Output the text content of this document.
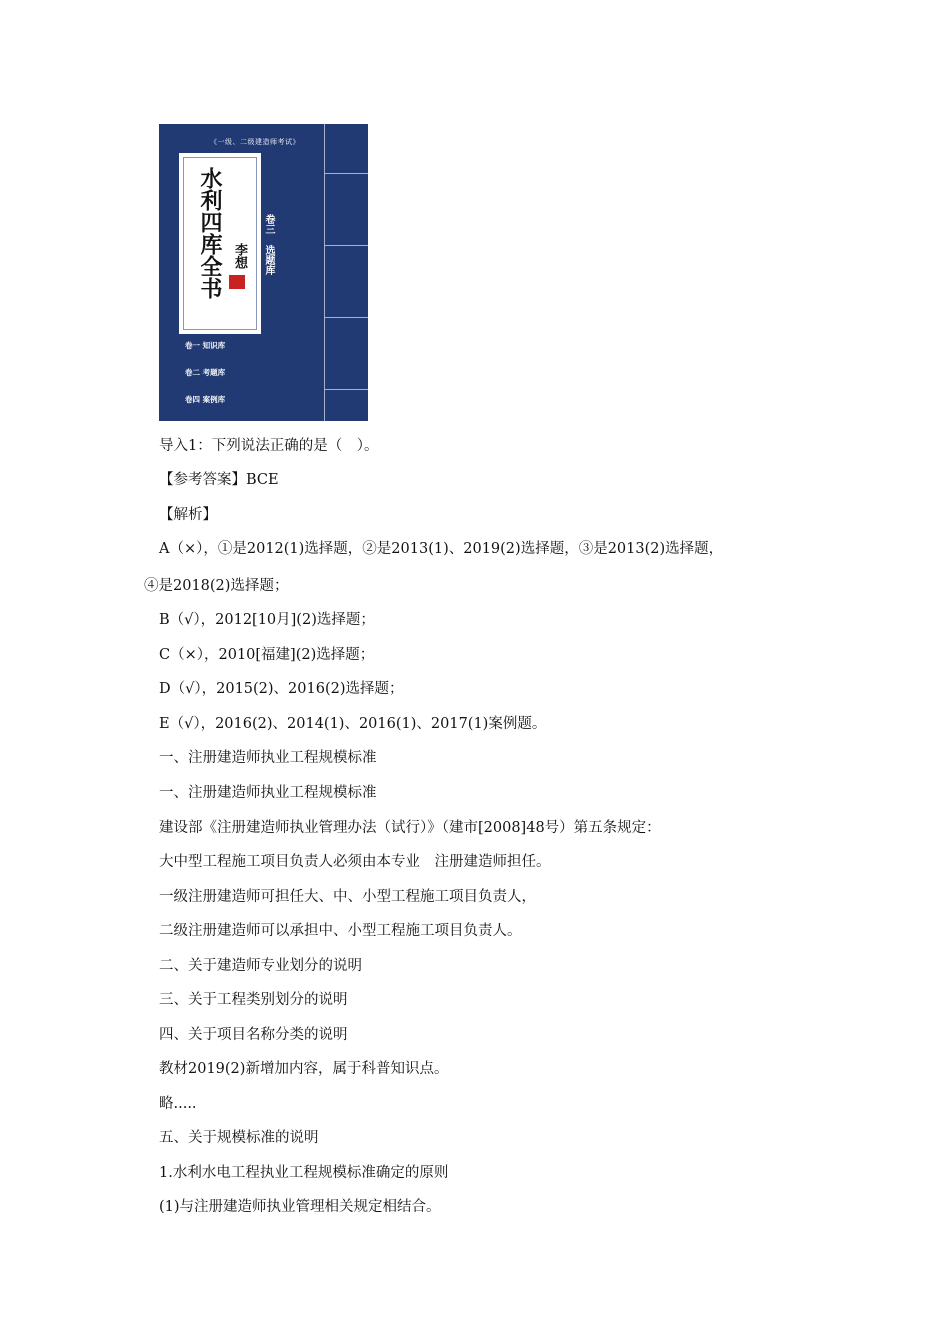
《一级、二级建造师考试》
水利四库全书 李想	卷三 选题库
卷一 知识库
卷二 考题库
卷四 案例库
导入1：下列说法正确的是（　）。
【参考答案】BCE
【解析】
A（×），①是2012(1)选择题，②是2013(1)、2019(2)选择题，③是2013(2)选择题，
④是2018(2)选择题；
B（√），2012[10月](2)选择题；
C（×），2010[福建](2)选择题；
D（√），2015(2)、2016(2)选择题；
E（√），2016(2)、2014(1)、2016(1)、2017(1)案例题。
一、注册建造师执业工程规模标准
一、注册建造师执业工程规模标准
建设部《注册建造师执业管理办法（试行）》（建市[2008]48号）第五条规定：
大中型工程施工项目负责人必须由本专业　注册建造师担任。
一级注册建造师可担任大、中、小型工程施工项目负责人，
二级注册建造师可以承担中、小型工程施工项目负责人。
二、关于建造师专业划分的说明
三、关于工程类别划分的说明
四、关于项目名称分类的说明
教材2019(2)新增加内容，属于科普知识点。
略.....
五、关于规模标准的说明
1.水利水电工程执业工程规模标准确定的原则
(1)与注册建造师执业管理相关规定相结合。
